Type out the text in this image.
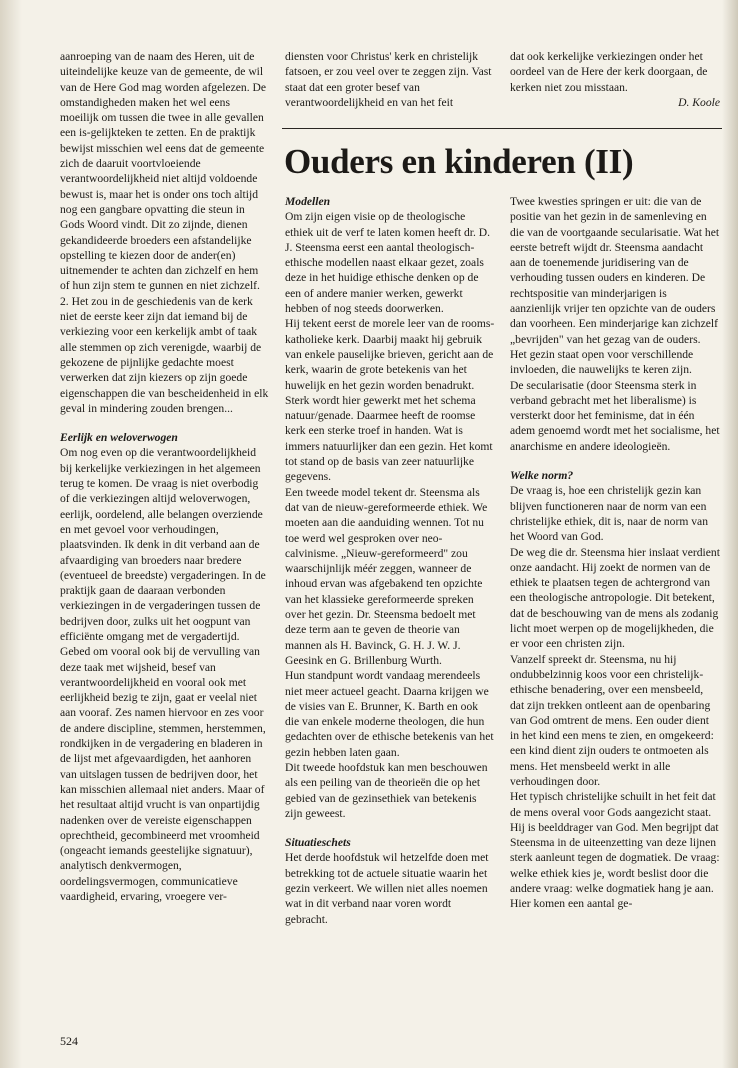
aanroeping van de naam des Heren, uit de uiteindelijke keuze van de gemeente, de wil van de Here God mag worden afgelezen. De omstandigheden maken het wel eens moeilijk om tussen die twee in alle gevallen een is-gelijkteken te zetten. En de praktijk bewijst misschien wel eens dat de gemeente zich de daaruit voortvloeiende verantwoordelijkheid niet altijd voldoende bewust is, maar het is onder ons toch altijd nog een gangbare opvatting die steun in Gods Woord vindt. Dit zo zijnde, dienen gekandideerde broeders een afstandelijke opstelling te kiezen door de ander(en) uitnemender te achten dan zichzelf en hem of hun zijn stem te gunnen en niet zichzelf.

2. Het zou in de geschiedenis van de kerk niet de eerste keer zijn dat iemand bij de verkiezing voor een kerkelijk ambt of taak alle stemmen op zich verenigde, waarbij de gekozene de pijnlijke gedachte moest verwerken dat zijn kiezers op zijn goede eigenschappen die van bescheidenheid in elk geval in mindering zouden brengen...

Eerlijk en weloverwogen

Om nog even op die verantwoordelijkheid bij kerkelijke verkiezingen in het algemeen terug te komen. De vraag is niet overbodig of die verkiezingen altijd weloverwogen, eerlijk, oordelend, alle belangen overziende en met gevoel voor verhoudingen, plaatsvinden. Ik denk in dit verband aan de afvaardiging van broeders naar bredere (eventueel de breedste) vergaderingen. In de praktijk gaan de daaraan verbonden verkiezingen in de vergaderingen tussen de bedrijven door, zulks uit het oogpunt van efficiënte omgang met de vergadertijd. Gebed om vooral ook bij de vervulling van deze taak met wijsheid, besef van verantwoordelijkheid en vooral ook met eerlijkheid bezig te zijn, gaat er veelal niet aan vooraf. Zes namen hiervoor en zes voor de andere discipline, stemmen, herstemmen, rondkijken in de vergadering en bladeren in de lijst met afgevaardigden, het aanhoren van uitslagen tussen de bedrijven door, het kan misschien allemaal niet anders. Maar of het resultaat altijd vrucht is van onpartijdig nadenken over de vereiste eigenschappen oprechtheid, gecombineerd met vroomheid (ongeacht iemands geestelijke signatuur), analytisch denkvermogen, oordelingsvermogen, communicatieve vaardigheid, ervaring, vroegere ver-

diensten voor Christus' kerk en christelijk fatsoen, er zou veel over te zeggen zijn. Vast staat dat een groter besef van verantwoordelijkheid en van het feit

dat ook kerkelijke verkiezingen onder het oordeel van de Here der kerk doorgaan, de kerken niet zou misstaan.

D. Koole

Ouders en kinderen (II)

Modellen

Om zijn eigen visie op de theologische ethiek uit de verf te laten komen heeft dr. D. J. Steensma eerst een aantal theologisch-ethische modellen naast elkaar gezet, zoals deze in het huidige ethische denken op de een of andere manier werken, gewerkt hebben of nog steeds doorwerken.

Hij tekent eerst de morele leer van de rooms-katholieke kerk. Daarbij maakt hij gebruik van enkele pauselijke brieven, gericht aan de kerk, waarin de grote betekenis van het huwelijk en het gezin worden benadrukt. Sterk wordt hier gewerkt met het schema natuur/genade. Daarmee heeft de roomse kerk een sterke troef in handen. Wat is immers natuurlijker dan een gezin. Het komt tot stand op de basis van zeer natuurlijke gegevens.

Een tweede model tekent dr. Steensma als dat van de nieuw-gereformeerde ethiek. We moeten aan die aanduiding wennen. Tot nu toe werd wel gesproken over neo-calvinisme. „Nieuw-gereformeerd" zou waarschijnlijk méér zeggen, wanneer de inhoud ervan was afgebakend ten opzichte van het klassieke gereformeerde spreken over het gezin. Dr. Steensma bedoelt met deze term aan te geven de theorie van mannen als H. Bavinck, G. H. J. W. J. Geesink en G. Brillenburg Wurth.

Hun standpunt wordt vandaag merendeels niet meer actueel geacht. Daarna krijgen we de visies van E. Brunner, K. Barth en ook die van enkele moderne theologen, die hun gedachten over de ethische betekenis van het gezin hebben laten gaan.

Dit tweede hoofdstuk kan men beschouwen als een peiling van de theorieën die op het gebied van de gezinsethiek van betekenis zijn geweest.

Situatieschets

Het derde hoofdstuk wil hetzelfde doen met betrekking tot de actuele situatie waarin het gezin verkeert. We willen niet alles noemen wat in dit verband naar voren wordt gebracht.

Twee kwesties springen er uit: die van de positie van het gezin in de samenleving en die van de voortgaande secularisatie. Wat het eerste betreft wijdt dr. Steensma aandacht aan de toenemende juridisering van de verhouding tussen ouders en kinderen. De rechtspositie van minderjarigen is aanzienlijk vrijer ten opzichte van de ouders dan voorheen. Een minderjarige kan zichzelf „bevrijden" van het gezag van de ouders. Het gezin staat open voor verschillende invloeden, die nauwelijks te keren zijn.

De secularisatie (door Steensma sterk in verband gebracht met het liberalisme) is versterkt door het feminisme, dat in één adem genoemd wordt met het socialisme, het anarchisme en andere ideologieën.

Welke norm?

De vraag is, hoe een christelijk gezin kan blijven functioneren naar de norm van een christelijke ethiek, dit is, naar de norm van het Woord van God.

De weg die dr. Steensma hier inslaat verdient onze aandacht. Hij zoekt de normen van de ethiek te plaatsen tegen de achtergrond van een theologische antropologie. Dit betekent, dat de beschouwing van de mens als zodanig licht moet werpen op de mogelijkheden, die er voor een christen zijn.

Vanzelf spreekt dr. Steensma, nu hij ondubbelzinnig koos voor een christelijk-ethische benadering, over een mensbeeld, dat zijn trekken ontleent aan de openbaring van God omtrent de mens. Een ouder dient in het kind een mens te zien, en omgekeerd: een kind dient zijn ouders te ontmoeten als mens. Het mensbeeld werkt in alle verhoudingen door.

Het typisch christelijke schuilt in het feit dat de mens overal voor Gods aangezicht staat. Hij is beelddrager van God. Men begrijpt dat Steensma in de uiteenzetting van deze lijnen sterk aanleunt tegen de dogmatiek. De vraag: welke ethiek kies je, wordt beslist door die andere vraag: welke dogmatiek hang je aan. Hier komen een aantal ge-

524
